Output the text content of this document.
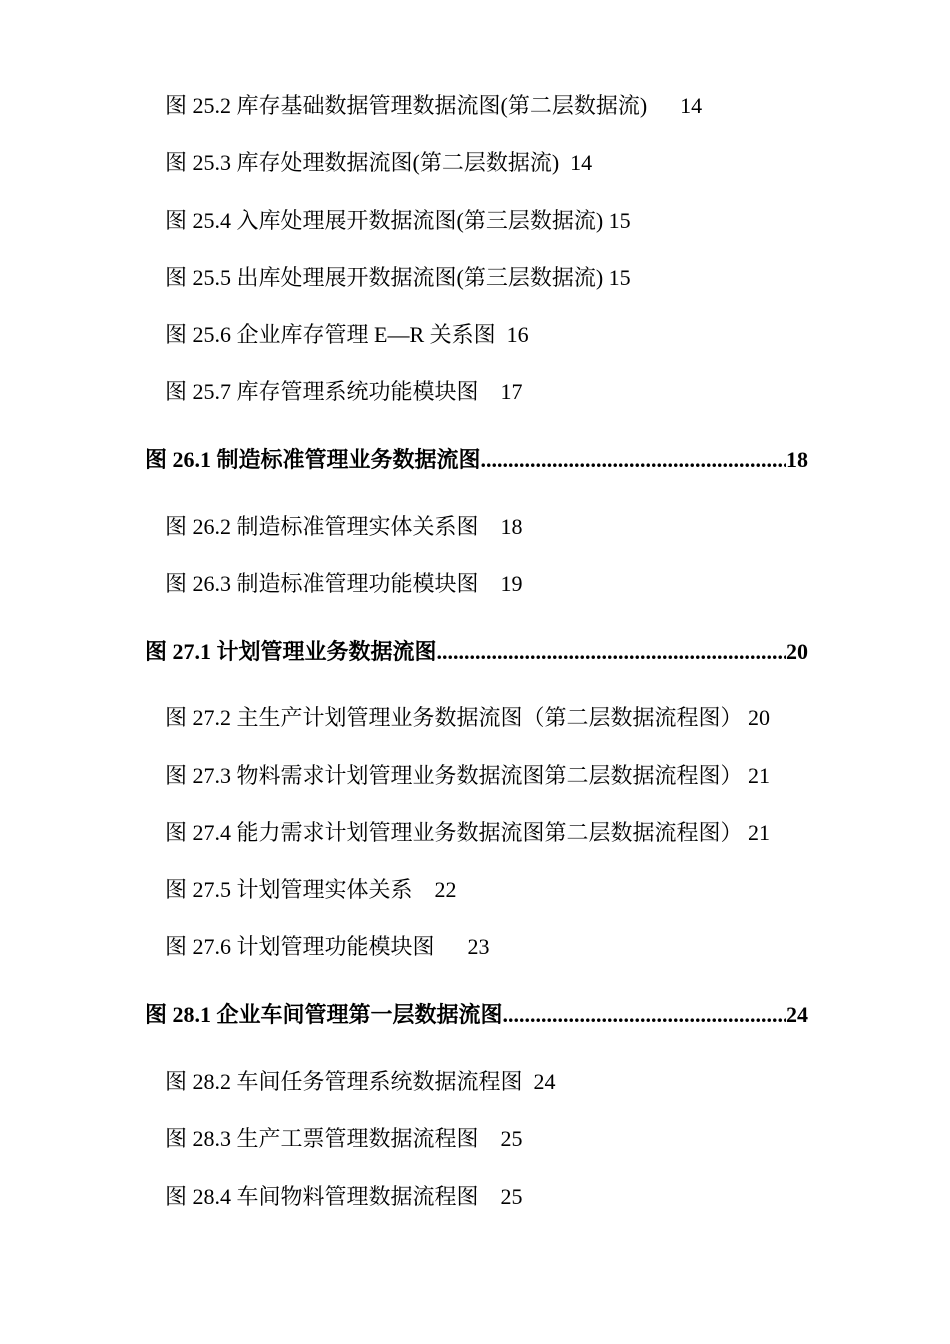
图 25.2 库存基础数据管理数据流图(第二层数据流)      14
图 25.3 库存处理数据流图(第二层数据流)  14
图 25.4 入库处理展开数据流图(第三层数据流) 15
图 25.5 出库处理展开数据流图(第三层数据流) 15
图 25.6 企业库存管理 E—R 关系图  16
图 25.7 库存管理系统功能模块图    17
图 26.1 制造标准管理业务数据流图 .....	18
图 26.2 制造标准管理实体关系图    18
图 26.3 制造标准管理功能模块图    19
图 27.1 计划管理业务数据流图 .....	20
图 27.2 主生产计划管理业务数据流图（第二层数据流程图） 20
图 27.3 物料需求计划管理业务数据流图第二层数据流程图） 21
图 27.4 能力需求计划管理业务数据流图第二层数据流程图） 21
图 27.5 计划管理实体关系    22
图 27.6 计划管理功能模块图      23
图 28.1 企业车间管理第一层数据流图 .....	24
图 28.2 车间任务管理系统数据流程图  24
图 28.3 生产工票管理数据流程图    25
图 28.4 车间物料管理数据流程图    25
